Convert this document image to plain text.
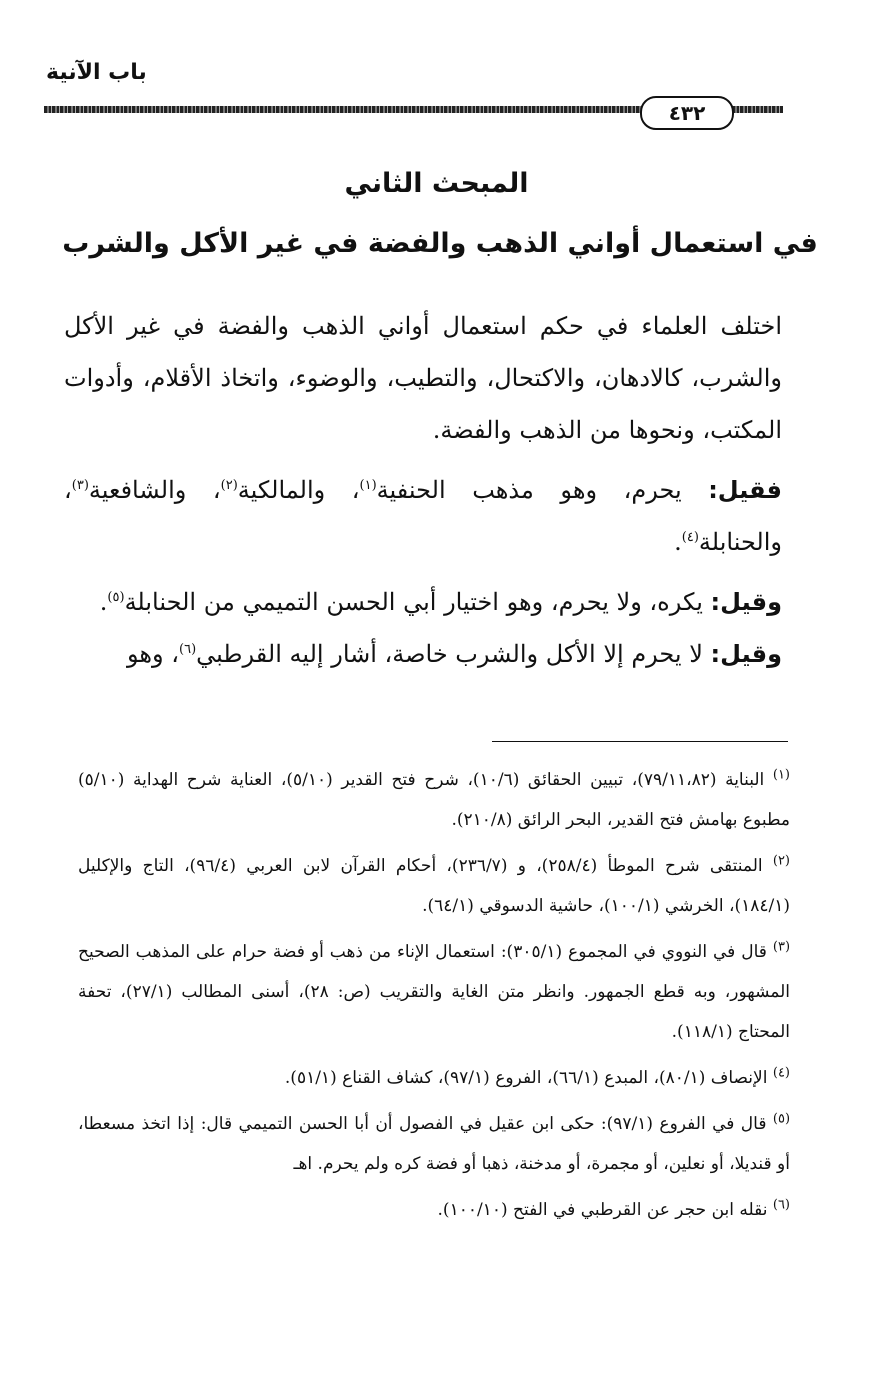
باب الآنية
٤٣٢
المبحث الثاني
في استعمال أواني الذهب والفضة في غير الأكل والشرب

اختلف العلماء في حكم استعمال أواني الذهب والفضة في غير الأكل والشرب، كالادهان، والاكتحال، والتطيب، والوضوء، واتخاذ الأقلام، وأدوات المكتب، ونحوها من الذهب والفضة.

فقيل: يحرم، وهو مذهب الحنفية$^{(١)}$، والمالكية$^{(٢)}$، والشافعية$^{(٣)}$، والحنابلة$^{(٤)}$.

وقيل: يكره، ولا يحرم، وهو اختيار أبي الحسن التميمي من الحنابلة$^{(٥)}$.

وقيل: لا يحرم إلا الأكل والشرب خاصة، أشار إليه القرطبي$^{(٦)}$، وهو

$^{(١)}$ البناية (٧٩/١١،٨٢)، تبيين الحقائق (١٠/٦)، شرح فتح القدير (٥/١٠)، العناية شرح الهداية (٥/١٠) مطبوع بهامش فتح القدير، البحر الرائق (٢١٠/٨).

$^{(٢)}$ المنتقى شرح الموطأ (٢٥٨/٤)، و (٢٣٦/٧)، أحكام القرآن لابن العربي (٩٦/٤)، التاج والإكليل (١٨٤/١)، الخرشي (١٠٠/١)، حاشية الدسوقي (٦٤/١).

$^{(٣)}$ قال في النووي في المجموع (٣٠٥/١): استعمال الإناء من ذهب أو فضة حرام على المذهب الصحيح المشهور، وبه قطع الجمهور. وانظر متن الغاية والتقريب (ص: ٢٨)، أسنى المطالب (٢٧/١)، تحفة المحتاج (١١٨/١).

$^{(٤)}$ الإنصاف (٨٠/١)، المبدع (٦٦/١)، الفروع (٩٧/١)، كشاف القناع (٥١/١).

$^{(٥)}$ قال في الفروع (٩٧/١): حكى ابن عقيل في الفصول أن أبا الحسن التميمي قال: إذا اتخذ مسعطا، أو قنديلا، أو نعلين، أو مجمرة، أو مدخنة، ذهبا أو فضة كره ولم يحرم. اهـ

$^{(٦)}$ نقله ابن حجر عن القرطبي في الفتح (١٠٠/١٠).
